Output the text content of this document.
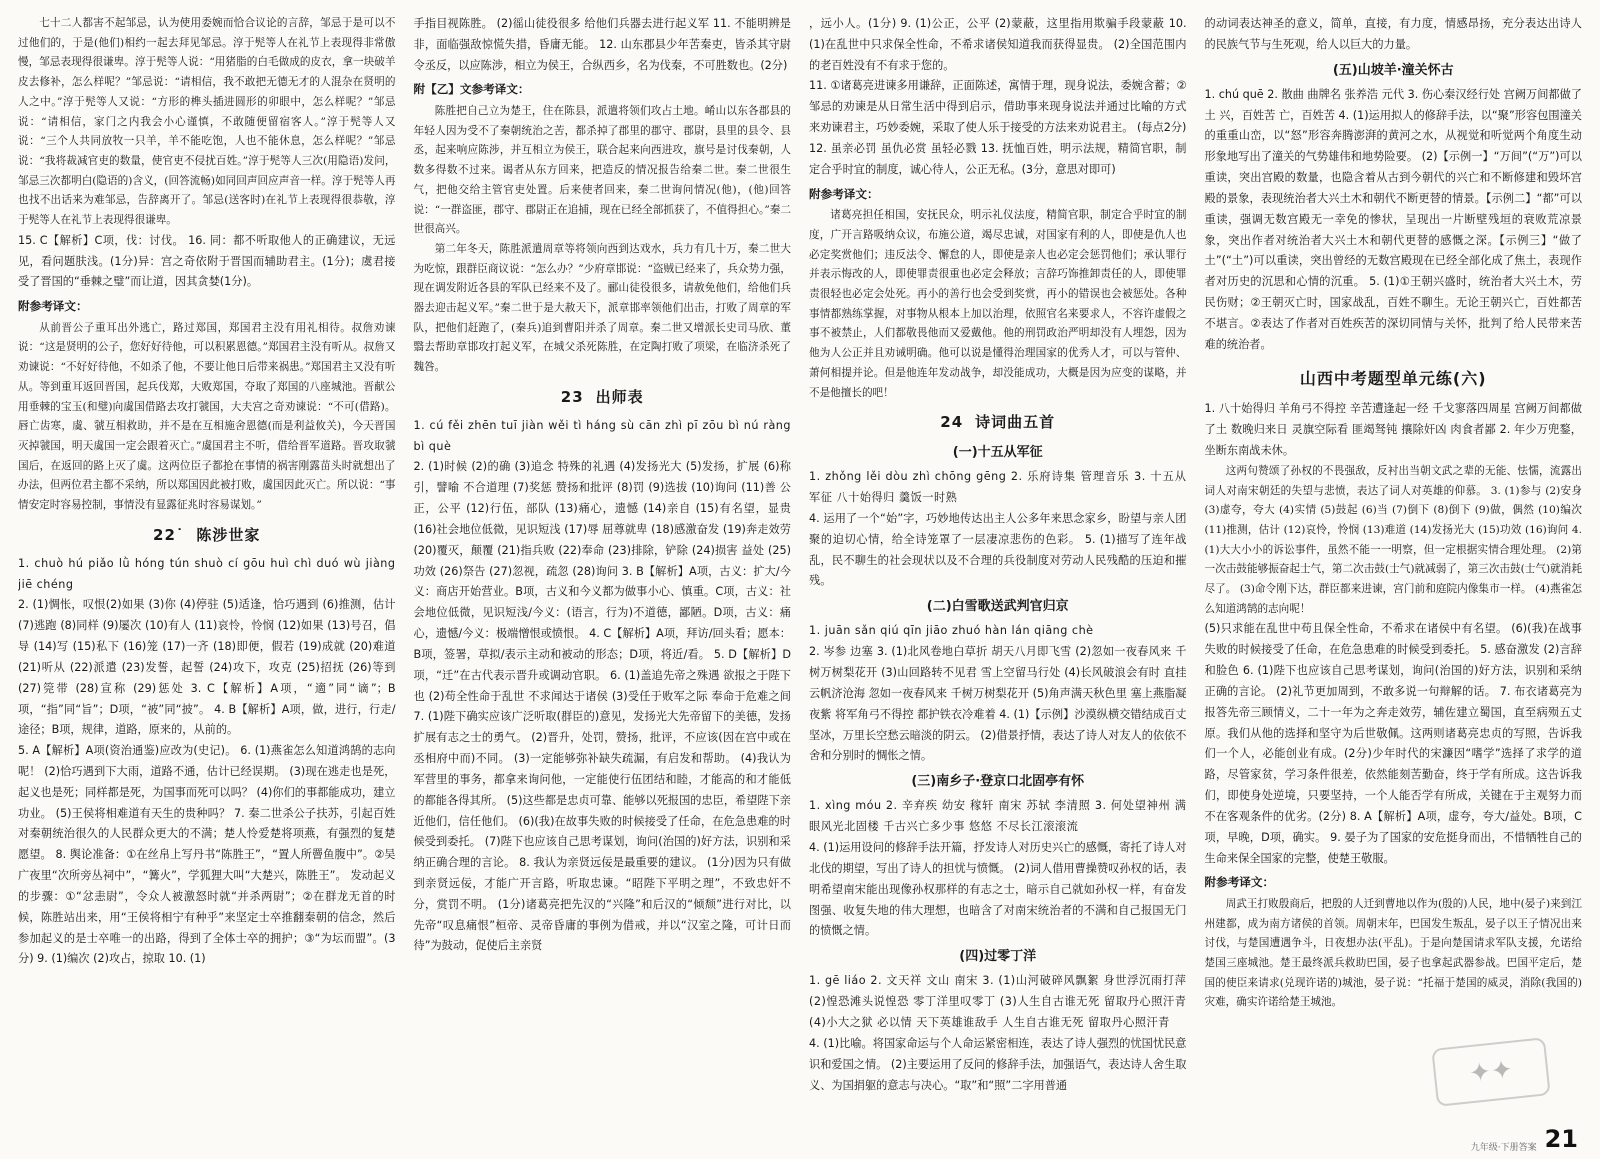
七十二人都害不起邹忌，认为使用委婉而恰合议论的言辞，邹忌于是可以不过他们的，于是(他们)相约一起去拜见邹忌。淳于髡等人在礼节上表现得非常傲慢，邹忌表现得很谦卑。淳于髡等人说：“用猪脂的白毛做成的皮衣，拿一块破羊皮去修补，怎么样呢？”邹忌说：“请相信，我不敢把无德无才的人混杂在贤明的人之中。”淳于髡等人又说：“方形的榫头插进圆形的卯眼中，怎么样呢？”邹忌说：“请相信，家门之内我会小心谨慎，不敢随便留宿客人。”淳于髡等人又说：“三个人共同放牧一只羊，羊不能吃饱，人也不能休息，怎么样呢？”邹忌说：“我将裁减官吏的数量，使官吏不侵扰百姓。”淳于髡等人三次(用隐语)发问，邹忌三次都明白(隐语的)含义，(回答流畅)如同回声回应声音一样。淳于髡等人再也找不出话来为难邹忌，告辞离开了。邹忌(送客时)在礼节上表现得很恭敬，淳于髡等人在礼节上表现得很谦卑。

15. C【解析】C项，伐：讨伐。 16. 同：都不听取他人的正确建议，无远见，看问题肤浅。(1分)异：宫之奇依附于晋国而辅助君主。(1分)；虞君接受了晋国的“垂棘之璧”而让道，因其贪婪(1分)。

附参考译文：

从前晋公子重耳出外逃亡，路过郑国，郑国君主没有用礼相待。叔詹劝谏说：“这是贤明的公子，您好好待他，可以积累恩德。”郑国君主没有听从。叔詹又劝谏说：“不好好待他，不如杀了他，不要让他日后带来祸患。”郑国君主又没有听从。等到重耳返回晋国，起兵伐郑，大败郑国，夺取了郑国的八座城池。晋献公用垂棘的宝玉(和璧)向虞国借路去攻打虢国，大夫宫之奇劝谏说：“不可(借路)。唇亡齿寒，虞、虢互相救助，并不是在互相施舍恩德(而是利益攸关)，今天晋国灭掉虢国，明天虞国一定会跟着灭亡。”虞国君主不听，借给晋军道路。晋攻取虢国后，在返回的路上灭了虞。这两位臣子都抢在事情的祸害刚露苗头时就想出了办法，但两位君主都不采纳，所以郑国因此被打败，虞国因此灭亡。所以说：“事情安定时容易控制，事情没有显露征兆时容易谋划。”

22˙ 陈涉世家

1. chuò hú piǎo lǜ hóng tún shuò cí gōu huì chì duó wù jiàng jiē chéng

2. (1)惆怅，叹恨(2)如果 (3)你 (4)停驻 (5)适逢，恰巧遇到 (6)推测，估计 (7)逃跑 (8)同样 (9)屡次 (10)有人 (11)哀怜，怜悯 (12)如果 (13)号召，倡导 (14)写 (15)私下 (16)笼 (17)一齐 (18)即便，假若 (19)成就 (20)难道 (21)听从 (22)派遣 (23)发誓，起誓 (24)攻下，攻克 (25)招抚 (26)等到 (27)筦带 (28)宣称 (29)惩处 3. C【解析】A项，“適”同“谪”；B项，“指”同“旨”；D项，“被”同“披”。 4. B【解析】A项，做，进行，行走/途径；B项，规律，道路，原来的，从前的。

5. A【解析】A项(资治通鉴)应改为(史记)。 6. (1)燕雀怎么知道鸿鹄的志向呢！ (2)恰巧遇到下大雨，道路不通，估计已经误期。 (3)现在逃走也是死，起义也是死；同样都是死，为国事而死可以吗？ (4)你们的事都能成功，建立功业。 (5)王侯将相难道有天生的贵种吗？ 7. 秦二世杀公子扶苏，引起百姓对秦朝统治很久的人民群众更大的不满；楚人怜爱楚将项燕，有强烈的复楚愿望。 8. 舆论准备：①在丝帛上写丹书“陈胜王”，“置人所罾鱼腹中”。②吴广夜里“次所旁丛祠中”，“篝火”，学狐狸大叫“大楚兴，陈胜王”。 发动起义的步骤：①“忿恚尉”，令众人被激怒时就“并杀两尉”；②在群龙无首的时候，陈胜站出来，用“王侯将相宁有种乎”来坚定士卒推翻秦朝的信念，然后参加起义的是士卒唯一的出路，得到了全体士卒的拥护；③“为坛而盟”。(3分) 9. (1)编次 (2)攻占，掠取 10. (1)

手指目视陈胜。 (2)徭山徒役很多 给他们兵器去进行起义军 11. 不能明辨是非，面临强敌惊慌失措，昏庸无能。 12. 山东郡县少年苦秦吏，皆杀其守尉令丞反，以应陈涉，相立为侯王，合纵西乡，名为伐秦，不可胜数也。(2分)

附【乙】文参考译文：

陈胜把自己立为楚王，住在陈县，派遣将领们攻占土地。崤山以东各郡县的年轻人因为受不了秦朝统治之苦，都杀掉了郡里的郡守、郡尉，县里的县令、县丞，起来响应陈涉，并互相立为侯王，联合起来向西进攻，旗号是讨伐秦朝，人数多得数不过来。谒者从东方回来，把造反的情况报告给秦二世。秦二世很生气，把他交给主管官吏处置。后来使者回来，秦二世询问情况(他)，(他)回答说：“一群盗匪，郡守、郡尉正在追捕，现在已经全部抓获了，不值得担心。”秦二世很高兴。

第二年冬天，陈胜派遣周章等将领向西到达戏水，兵力有几十万，秦二世大为吃惊，跟群臣商议说：“怎么办？”少府章邯说：“盗贼已经来了，兵众势力强，现在调发附近各县的军队已经来不及了。郦山徒役很多，请赦免他们，给他们兵器去迎击起义军。”秦二世于是大赦天下，派章邯率领他们出击，打败了周章的军队，把他们赶跑了，(秦兵)追到曹阳并杀了周章。秦二世又增派长史司马欣、董翳去帮助章邯攻打起义军，在城父杀死陈胜，在定陶打败了项梁，在临济杀死了魏咎。

23 出师表

1. cú fěi zhēn tuī jiàn wěi tì háng sù cān zhì pī zōu bì nú ràng bì què

2. (1)时候 (2)的确 (3)追念 特殊的礼遇 (4)发扬光大 (5)发扬，扩展 (6)称引，譬喻 不合道理 (7)奖惩 赞扬和批评 (8)罚 (9)选拔 (10)询问 (11)善 公正，公平 (12)行伍，部队 (13)痛心，遗憾 (14)亲自 (15)有名望，显贵 (16)社会地位低微，见识短浅 (17)辱 屈尊就卑 (18)感激奋发 (19)奔走效劳 (20)覆灭，颠覆 (21)指兵败 (22)奉命 (23)排除，铲除 (24)损害 益处 (25)功效 (26)祭告 (27)忽视，疏忽 (28)询问 3. B【解析】A项，古义：扩大/今义：商店开始营业。B项，古义和今义都为做事小心、慎重。C项，古义：社会地位低微，见识短浅/今义：(语言，行为)不道德，鄙陋。D项，古义：痛心，遗憾/今义：极端憎恨或愤恨。 4. C【解析】A项，拜访/回头看；愿本：B项，签署，草拟/表示主动和被动的形态；D项，将近/看。 5. D【解析】D项，“迁”在古代表示晋升或调动官职。 6. (1)盖追先帝之殊遇 欲报之于陛下也 (2)苟全性命于乱世 不求闻达于诸侯 (3)受任于败军之际 奉命于危难之间 7. (1)陛下确实应该广泛听取(群臣的)意见，发扬光大先帝留下的美德，发扬扩展有志之士的勇气。 (2)晋升，处罚，赞扬，批评，不应该(因在宫中或在丞相府中而)不同。 (3)一定能够弥补缺失疏漏，有启发和帮助。 (4)我认为军营里的事务，都拿来询问他，一定能使行伍团结和睦，才能高的和才能低的都能各得其所。 (5)这些都是忠贞可靠、能够以死报国的忠臣，希望陛下亲近他们，信任他们。 (6)(我)在故事失败的时候接受了任命，在危急患难的时候受到委托。 (7)陛下也应该自己思考谋划，询问(治国的)好方法，识别和采纳正确合理的言论。 8. 我认为亲贤远佞是最重要的建议。 (1分)因为只有做到亲贤远佞，才能广开言路，听取忠谏。“昭陛下平明之理”，不致忠奸不分，赏罚不明。 (1分)诸葛亮把先汉的“兴隆”和后汉的“倾颓”进行对比，以先帝“叹息痛恨”桓帝、灵帝昏庸的事例为借戒，并以“汉室之隆，可计日而待”为鼓动，促使后主亲贤

，远小人。(1分) 9. (1)公正，公平 (2)蒙蔽，这里指用欺骗手段蒙蔽 10. (1)在乱世中只求保全性命，不希求诸侯知道我而获得显贵。 (2)全国范围内的老百姓没有不有求于您的。

11. ①诸葛亮进谏多用谦辞，正面陈述，寓情于理，现身说法，委婉含蓄；②邹忌的劝谏是从日常生活中得到启示，借助事来现身说法并通过比喻的方式来劝谏君主，巧妙委婉，采取了使人乐于接受的方法来劝说君主。 (每点2分)

12. 虽亲必罚 虽仇必赏 虽轻必戮 13. 抚恤百姓，明示法规，精简官职，制定合乎时宜的制度，诚心待人，公正无私。(3分，意思对即可)

附参考译文：

诸葛亮担任相国，安抚民众，明示礼仪法度，精简官职，制定合乎时宜的制度，广开言路吸纳众议，布施公道，竭尽忠诚，对国家有利的人，即使是仇人也必定奖赏他们；违反法令、懈怠的人，即使是亲人也必定会惩罚他们；承认罪行并表示悔改的人，即使罪责很重也必定会释放；言辞巧饰推卸责任的人，即使罪责很轻也必定会处死。再小的善行也会受到奖赏，再小的错误也会被惩处。各种事情都熟练掌握，对事物从根本上加以治理，依照官名来要求人，不容许虚假之事不被禁止，人们都敬畏他而又爱戴他。他的刑罚政治严明却没有人埋怨，因为他为人公正并且劝诫明确。他可以说是懂得治理国家的优秀人才，可以与管仲、萧何相提并论。但是他连年发动战争，却没能成功，大概是因为应变的谋略，并不是他擅长的吧！

24 诗词曲五首
(一)十五从军征

1. zhǒng lěi dòu zhì chōng gēng 2. 乐府诗集 管理音乐 3. 十五从军征 八十始得归 羹饭一时熟

4. 运用了一个“始”字，巧妙地传达出主人公多年来思念家乡，盼望与亲人团聚的迫切心情，给全诗笼罩了一层凄凉悲伤的色彩。 5. (1)描写了连年战乱，民不聊生的社会现状以及不合理的兵役制度对劳动人民残酷的压迫和摧残。

(二)白雪歌送武判官归京

1. juān sǎn qiú qīn jiāo zhuó hàn lán qiāng chè

2. 岑参 边塞 3. (1)北风卷地白草折 胡天八月即飞雪 (2)忽如一夜春风来 千树万树梨花开 (3)山回路转不见君 雪上空留马行处 (4)长风破浪会有时 直挂云帆济沧海 忽如一夜春风来 千树万树梨花开 (5)角声满天秋色里 塞上燕脂凝夜紫 将军角弓不得控 都护铁衣冷难着 4. (1)【示例】沙漠纵横交错结成百丈坚冰，万里长空愁云暗淡的阴云。 (2)借景抒情，表达了诗人对友人的依依不舍和分别时的惆怅之情。

(三)南乡子·登京口北固亭有怀

1. xìng móu 2. 辛弃疾 幼安 稼轩 南宋 苏轼 李清照 3. 何处望神州 满眼风光北固楼 千古兴亡多少事 悠悠 不尽长江滚滚流

4. (1)运用设问的修辞手法开篇，抒发诗人对历史兴亡的感慨，寄托了诗人对北伐的期望，写出了诗人的担忧与愤慨。 (2)词人借用曹操赞叹孙权的话，表明希望南宋能出现像孙权那样的有志之士，暗示自己就如孙权一样，有奋发图强、收复失地的伟大理想，也暗含了对南宋统治者的不满和自己报国无门的愤慨之情。

(四)过零丁洋

1. gē liáo 2. 文天祥 文山 南宋 3. (1)山河破碎风飘絮 身世浮沉雨打萍 (2)惶恐滩头说惶恐 零丁洋里叹零丁 (3)人生自古谁无死 留取丹心照汗青 (4)小大之狱 必以情 天下英雄谁敌手 人生自古谁无死 留取丹心照汗青

4. (1)比喻。将国家命运与个人命运紧密相连，表达了诗人强烈的忧国忧民意识和爱国之情。 (2)主要运用了反问的修辞手法，加强语气，表达诗人舍生取义、为国捐躯的意志与决心。“取”和“照”二字用普通

的动词表达神圣的意义，简单，直接，有力度，情感昂扬，充分表达出诗人的民族气节与生死观，给人以巨大的力量。

(五)山坡羊·潼关怀古

1. chú quē 2. 散曲 曲牌名 张养浩 元代 3. 伤心秦汉经行处 宫阙万间都做了土 兴，百姓苦 亡，百姓苦 4. (1)运用拟人的修辞手法，以“聚”形容包围潼关的重重山峦，以“怒”形容奔腾澎湃的黄河之水，从视觉和听觉两个角度生动形象地写出了潼关的气势雄伟和地势险要。 (2)【示例一】“万间”(“万”)可以重读，突出宫殿的数量，也隐含着从古到今朝代的兴亡和不断修建和毁坏宫殿的景象，表现统治者大兴土木和朝代不断更替的情景。【示例二】“都”可以重读，强调无数宫殿无一幸免的惨状，呈现出一片断壁残垣的衰败荒凉景象，突出作者对统治者大兴土木和朝代更替的感慨之深。【示例三】“做了土”(“土”)可以重读，突出曾经的无数宫殿现在已经全部化成了焦土，表现作者对历史的沉思和心情的沉重。 5. (1)①王朝兴盛时，统治者大兴土木，劳民伤财；②王朝灭亡时，国家战乱，百姓不聊生。无论王朝兴亡，百姓都苦不堪言。②表达了作者对百姓疾苦的深切同情与关怀，批判了给人民带来苦难的统治者。

山西中考题型单元练(六)

1. 八十始得归 羊角弓不得控 辛苦遭逢起一经 千戈寥落四周星 宫阙万间都做了土 数晚归来日 灵旗空际看 匪竭驽钝 攘除奸凶 肉食者鄙 2. 年少万兜鍪，坐断东南战未休。

这两句赞颂了孙权的不畏强敌，反衬出当朝文武之辈的无能、怯懦，流露出词人对南宋朝廷的失望与悲愤，表达了词人对英雄的仰慕。 3. (1)参与 (2)安身 (3)虚夸，夸大 (4)实情 (5)鼓起 (6)当 (7)倒下 (8)倒下 (9)做，偶然 (10)编次 (11)推测，估计 (12)哀怜，怜悯 (13)难道 (14)发扬光大 (15)功效 (16)询问 4. (1)大大小小的诉讼事件，虽然不能一一明察，但一定根据实情合理处理。 (2)第一次击鼓能够振奋起士气，第二次击鼓(士气)就减弱了，第三次击鼓(士气)就消耗尽了。 (3)命令刚下达，群臣都来进谏，宫门前和庭院内像集市一样。 (4)燕雀怎么知道鸿鹄的志向呢！

(5)只求能在乱世中苟且保全性命，不希求在诸侯中有名望。 (6)(我)在战事失败的时候接受了任命，在危急患难的时候受到委托。 5. 感奋激发 (2)言辞和脸色 6. (1)陛下也应该自己思考谋划，询问(治国的)好方法，识别和采纳正确的言论。 (2)礼节更加周到，不敢多说一句辩解的话。 7. 布衣诸葛亮为报答先帝三顾情义，二十一年为之奔走效劳，辅佐建立蜀国，直至病殒五丈原。我们从他的选择和坚守为后世敬佩。这两则诸葛亮忠贞的写照，告诉我们一个人，必能创业有成。(2分)少年时代的宋濂因“嗜学”选择了求学的道路，尽管家贫，学习条件很差，依然能刻苦勤奋，终于学有所成。这告诉我们，即使身处逆境，只要坚持，一个人能否学有所成，关键在于主观努力而不在客观条件的优劣。(2分) 8. A【解析】A项，虚夸，夸大/益处。B项，C项，早晚，D项，确实。 9. 晏子为了国家的安危挺身而出，不惜牺牲自己的生命来保全国家的完整，使楚王敬服。

附参考译文：

周武王打败殷商后，把殷的人迁到曹地以作为(殷的)人民，地中(晏子)来到江州建都，成为南方诸侯的首领。周朝末年，巴国发生叛乱，晏子以王子情况出来讨伐，与楚国遭遇争斗，日夜想办法(平乱)。于是向楚国请求军队支援，允诺给楚国三座城池。楚王最终派兵救助巴国，晏子也拿起武器参战。巴国平定后，楚国的使臣来请求(兑现许诺的)城池，晏子说：“托福于楚国的威灵，消除(我国的)灾难，确实许诺给楚王城池。

✦✦
九年级·下册答案 21
